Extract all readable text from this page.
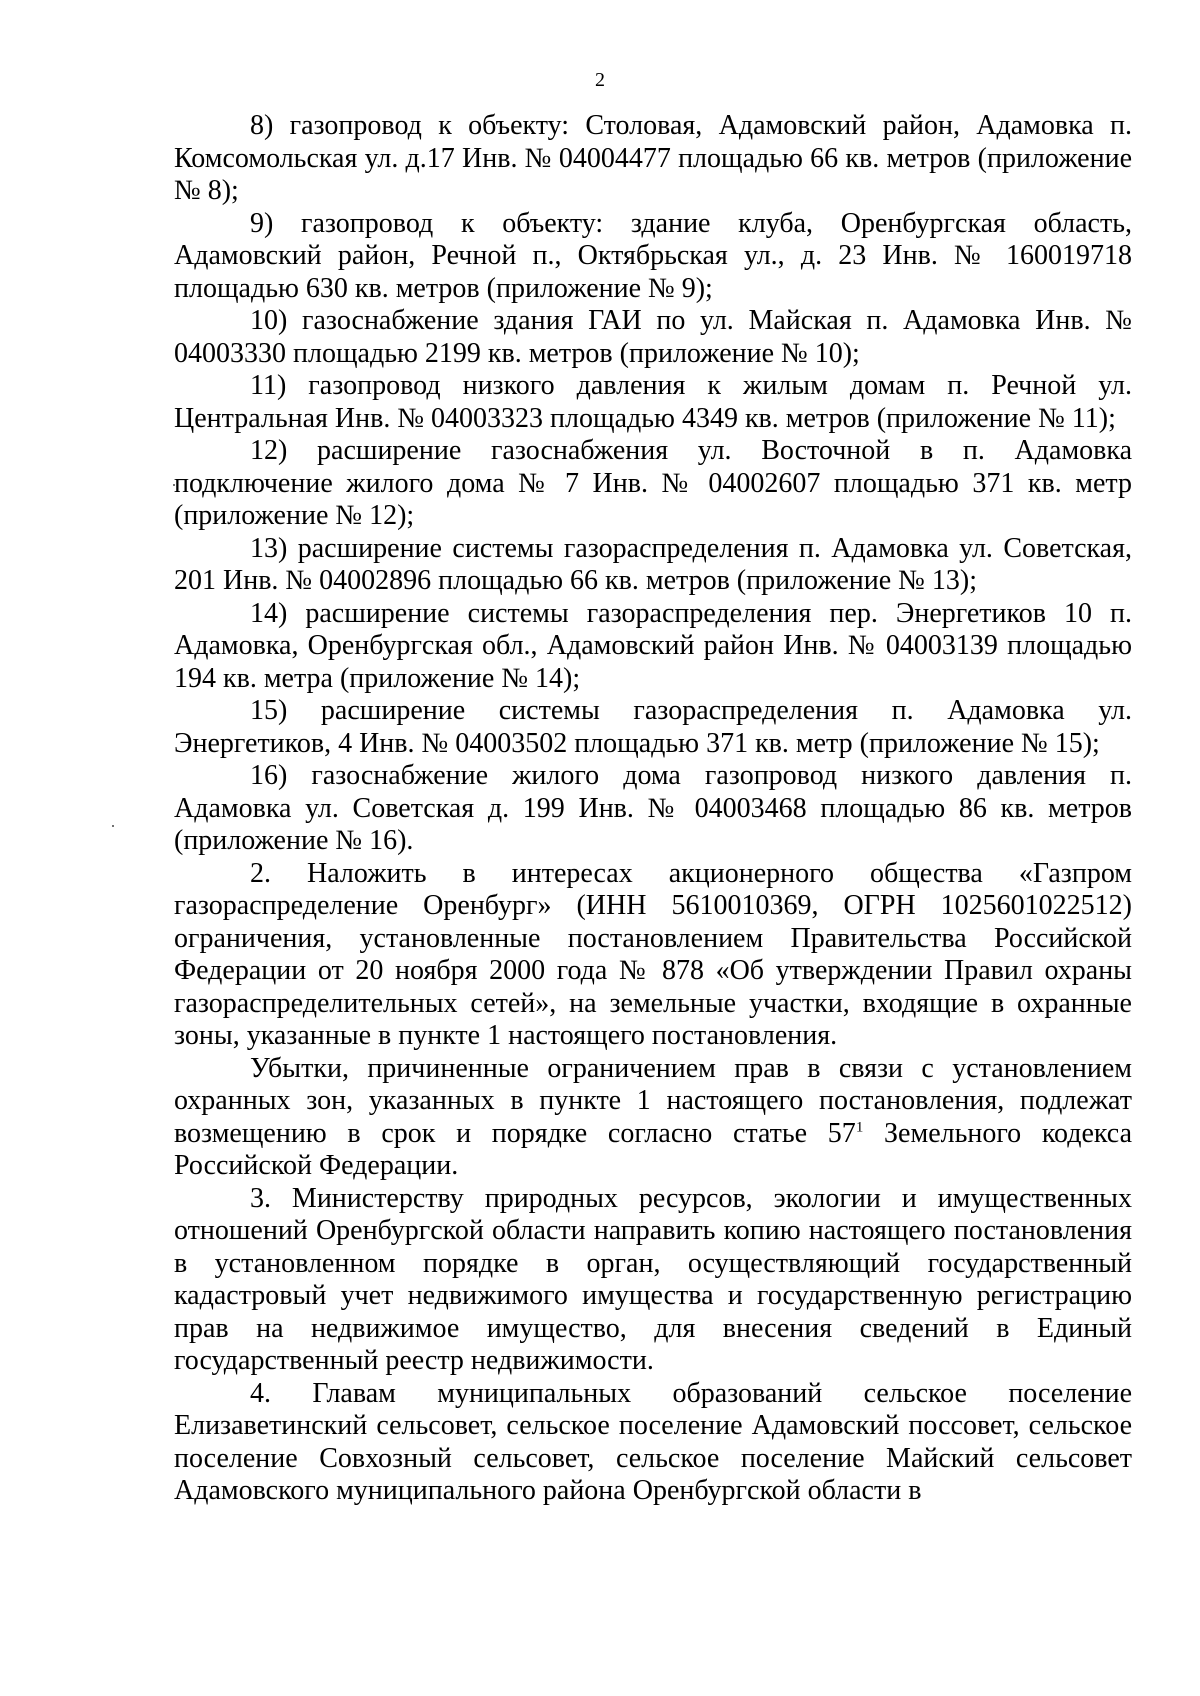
2

8) газопровод к объекту: Столовая, Адамовский район, Адамовка п. Комсомольская ул. д.17 Инв. № 04004477 площадью 66 кв. метров (приложение № 8);

9) газопровод к объекту: здание клуба, Оренбургская область, Адамовский район, Речной п., Октябрьская ул., д. 23 Инв. № 160019718 площадью 630 кв. метров (приложение № 9);

10) газоснабжение здания ГАИ по ул. Майская п. Адамовка Инв. № 04003330 площадью 2199 кв. метров (приложение № 10);

11) газопровод низкого давления к жилым домам п. Речной ул. Центральная Инв. № 04003323 площадью 4349 кв. метров (приложение № 11);

12) расширение газоснабжения ул. Восточной в п. Адамовка подключение жилого дома № 7 Инв. № 04002607 площадью 371 кв. метр (приложение № 12);

13) расширение системы газораспределения п. Адамовка ул. Советская, 201 Инв. № 04002896 площадью 66 кв. метров (приложение № 13);

14) расширение системы газораспределения пер. Энергетиков 10 п. Адамовка, Оренбургская обл., Адамовский район Инв. № 04003139 площадью 194 кв. метра (приложение № 14);

15) расширение системы газораспределения п. Адамовка ул. Энергетиков, 4 Инв. № 04003502 площадью 371 кв. метр (приложение № 15);

16) газоснабжение жилого дома газопровод низкого давления п. Адамовка ул. Советская д. 199 Инв. № 04003468 площадью 86 кв. метров (приложение № 16).

2. Наложить в интересах акционерного общества «Газпром газораспределение Оренбург» (ИНН 5610010369, ОГРН 1025601022512) ограничения, установленные постановлением Правительства Российской Федерации от 20 ноября 2000 года № 878 «Об утверждении Правил охраны газораспределительных сетей», на земельные участки, входящие в охранные зоны, указанные в пункте 1 настоящего постановления.

Убытки, причиненные ограничением прав в связи с установлением охранных зон, указанных в пункте 1 настоящего постановления, подлежат возмещению в срок и порядке согласно статье $57^1$ Земельного кодекса Российской Федерации.

3. Министерству природных ресурсов, экологии и имущественных отношений Оренбургской области направить копию настоящего постановления в установленном порядке в орган, осуществляющий государственный кадастровый учет недвижимого имущества и государственную регистрацию прав на недвижимое имущество, для внесения сведений в Единый государственный реестр недвижимости.

4. Главам муниципальных образований сельское поселение Елизаветинский сельсовет, сельское поселение Адамовский поссовет, сельское поселение Совхозный сельсовет, сельское поселение Майский сельсовет Адамовского муниципального района Оренбургской области в
